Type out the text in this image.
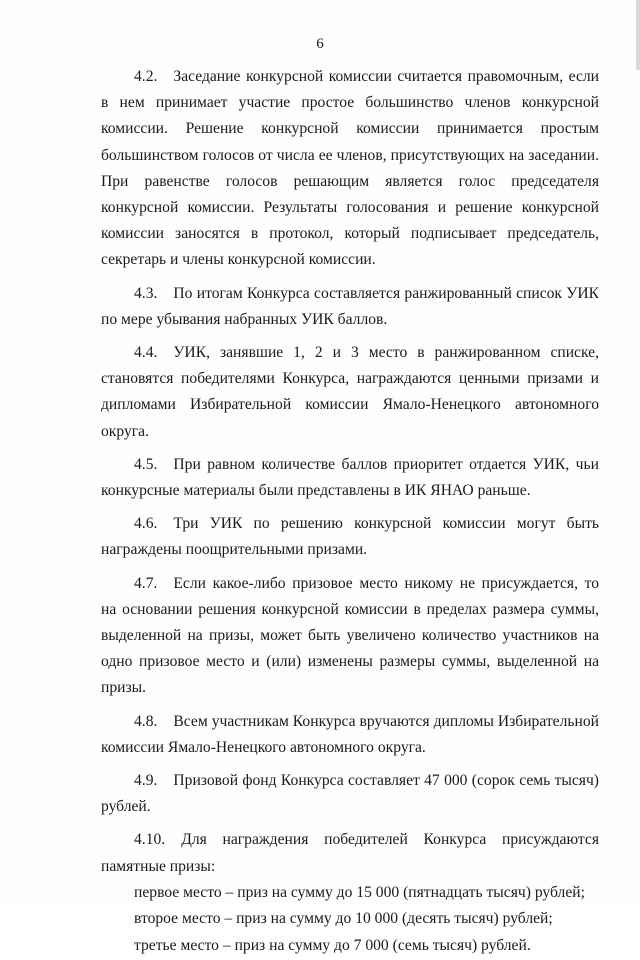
6

4.2. Заседание конкурсной комиссии считается правомочным, если в нем принимает участие простое большинство членов конкурсной комиссии. Решение конкурсной комиссии принимается простым большинством голосов от числа ее членов, присутствующих на заседании. При равенстве голосов решающим является голос председателя конкурсной комиссии. Результаты голосования и решение конкурсной комиссии заносятся в протокол, который подписывает председатель, секретарь и члены конкурсной комиссии.

4.3. По итогам Конкурса составляется ранжированный список УИК по мере убывания набранных УИК баллов.

4.4. УИК, занявшие 1, 2 и 3 место в ранжированном списке, становятся победителями Конкурса, награждаются ценными призами и дипломами Избирательной комиссии Ямало-Ненецкого автономного округа.

4.5. При равном количестве баллов приоритет отдается УИК, чьи конкурсные материалы были представлены в ИК ЯНАО раньше.

4.6. Три УИК по решению конкурсной комиссии могут быть награждены поощрительными призами.

4.7. Если какое-либо призовое место никому не присуждается, то на основании решения конкурсной комиссии в пределах размера суммы, выделенной на призы, может быть увеличено количество участников на одно призовое место и (или) изменены размеры суммы, выделенной на призы.

4.8. Всем участникам Конкурса вручаются дипломы Избирательной комиссии Ямало-Ненецкого автономного округа.

4.9. Призовой фонд Конкурса составляет 47 000 (сорок семь тысяч) рублей.

4.10. Для награждения победителей Конкурса присуждаются памятные призы:

первое место – приз на сумму до 15 000 (пятнадцать тысяч) рублей;
второе место – приз на сумму до 10 000 (десять тысяч) рублей;
третье место – приз на сумму до 7 000 (семь тысяч) рублей.
